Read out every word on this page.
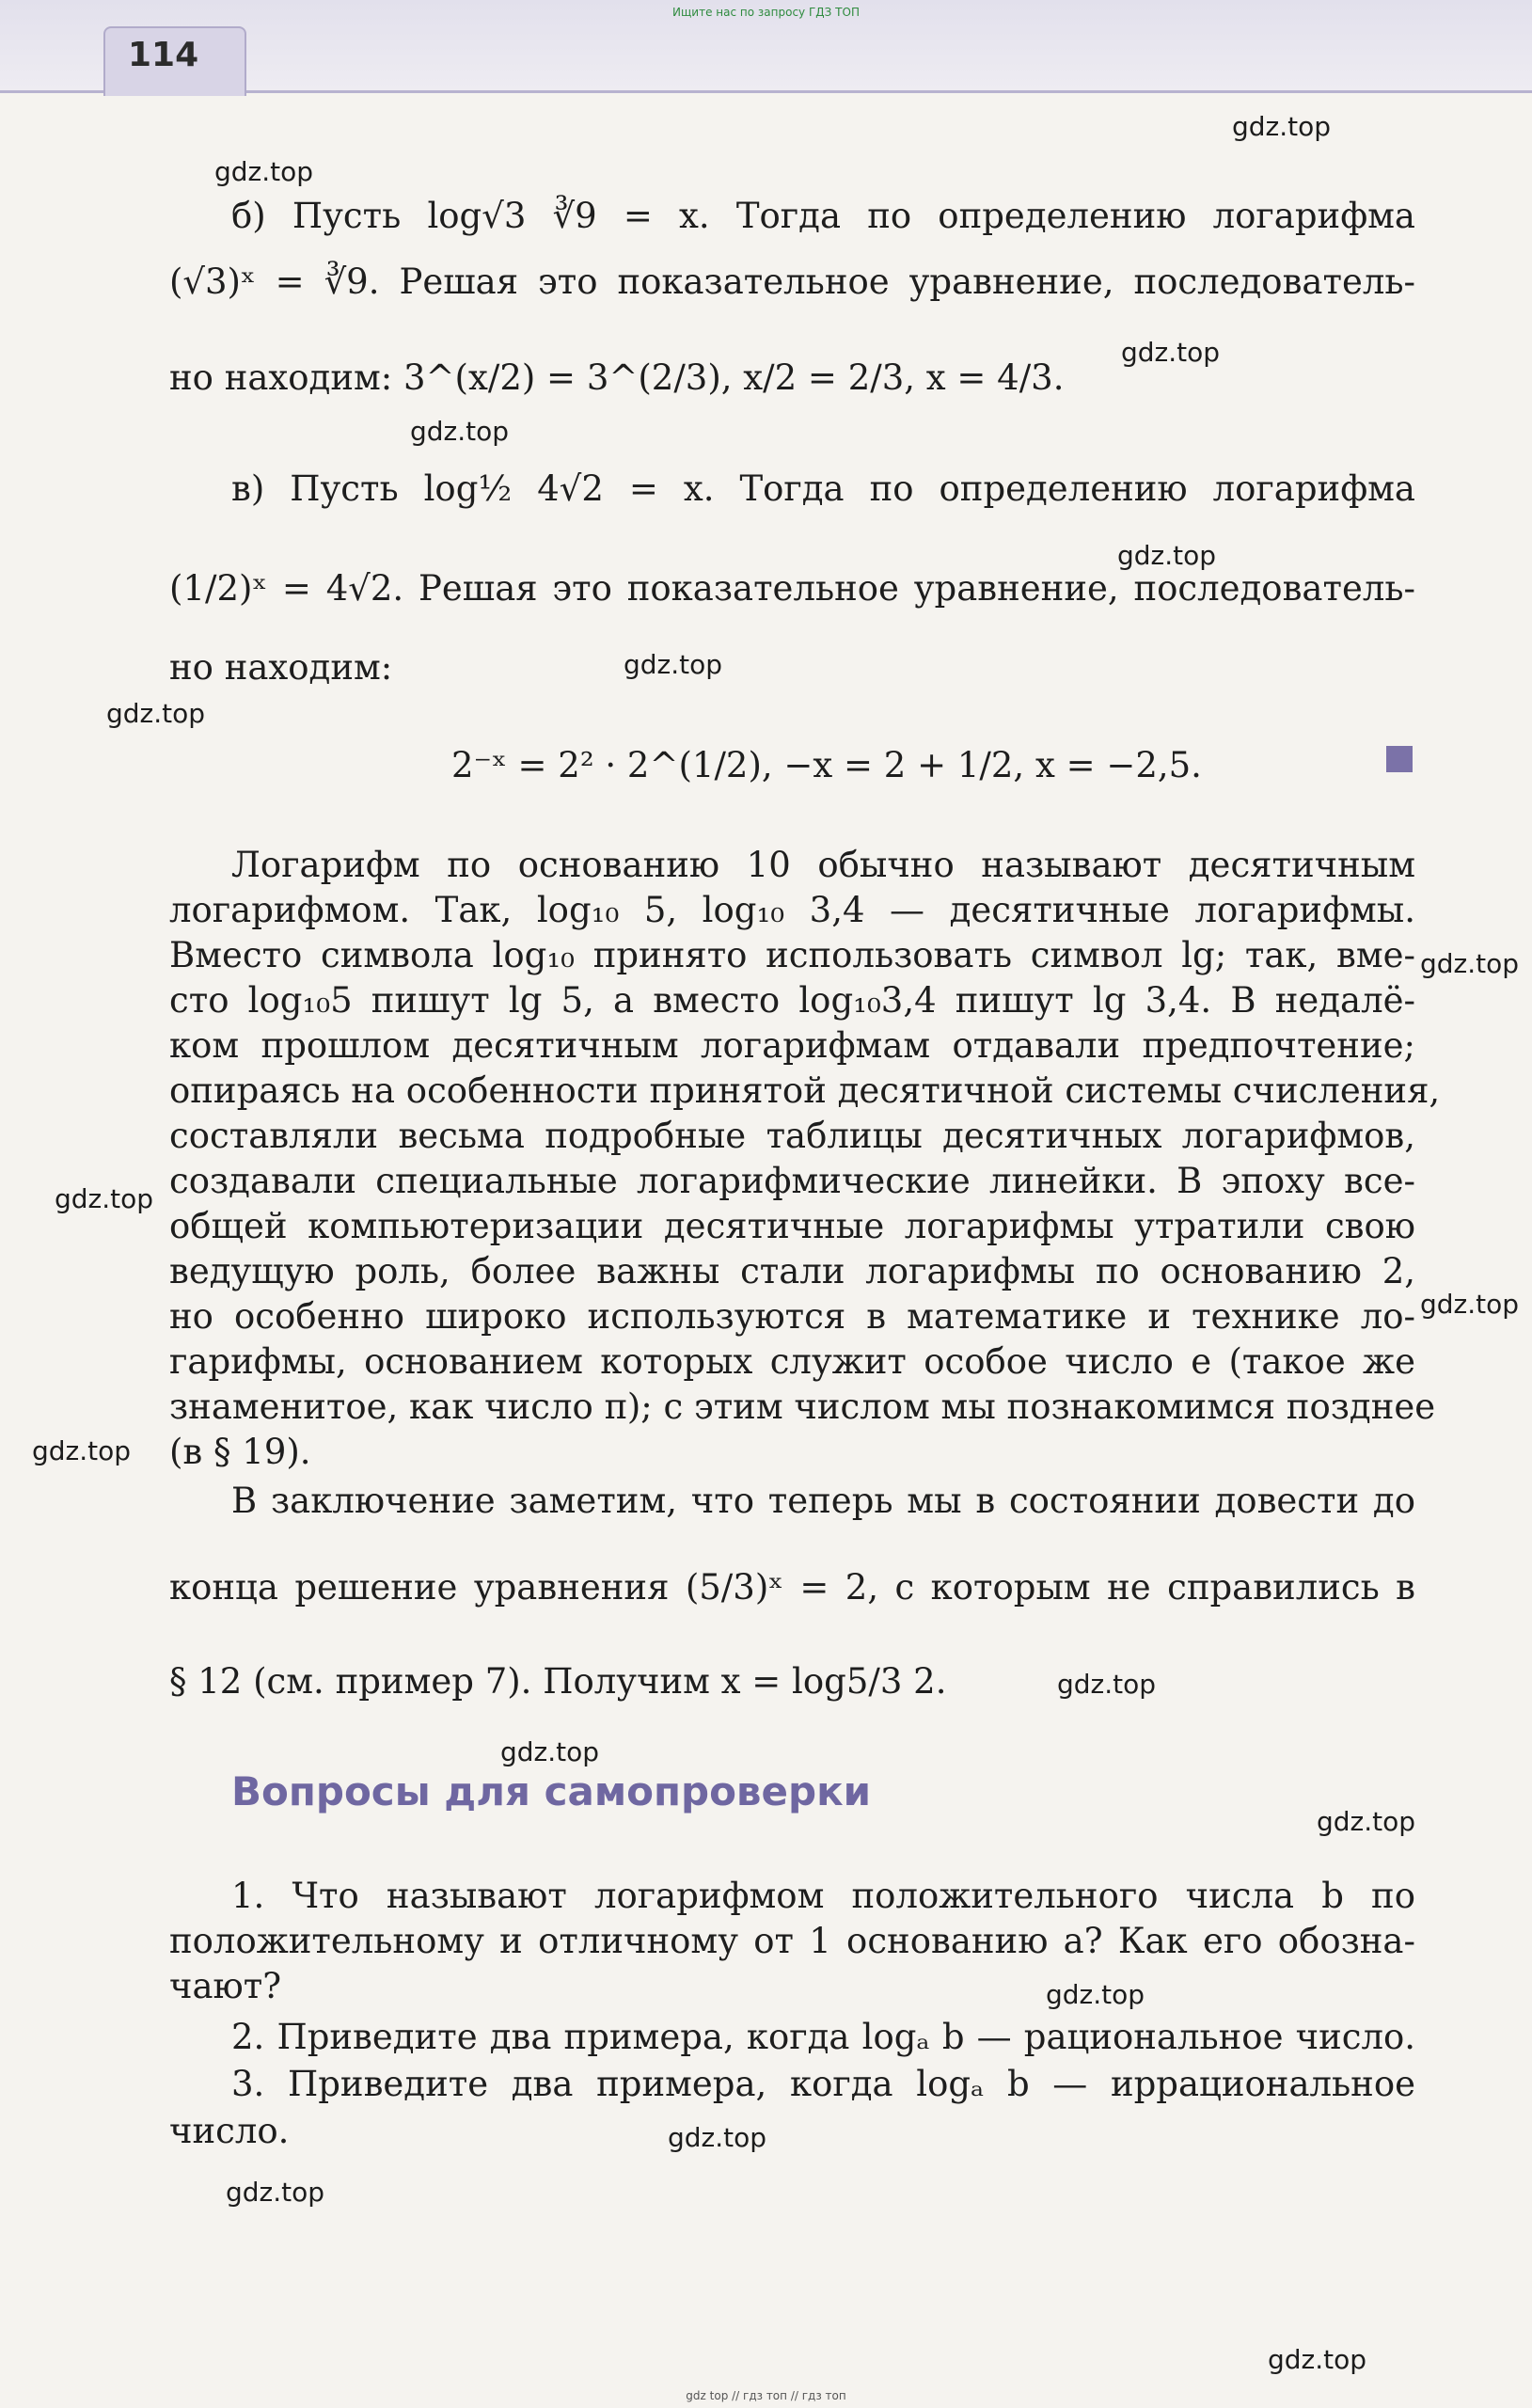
Ищите нас по запросу ГДЗ ТОП
114
gdz.top
gdz.top
gdz.top
gdz.top
gdz.top
gdz.top
gdz.top
gdz.top
gdz.top
gdz.top
gdz.top
gdz.top
gdz.top
gdz.top
gdz.top
gdz.top
gdz.top
gdz.top
б) Пусть log√3 ∛9 = x. Тогда по определению логарифма
(√3)ˣ = ∛9. Решая это показательное уравнение, последователь-
но находим: 3^(x/2) = 3^(2/3), x/2 = 2/3, x = 4/3.
в) Пусть log½ 4√2 = x. Тогда по определению логарифма
(1/2)ˣ = 4√2. Решая это показательное уравнение, последователь-
но находим:
2⁻ˣ = 2² · 2^(1/2), −x = 2 + 1/2, x = −2,5.
Логарифм по основанию 10 обычно называют десятичным
логарифмом. Так, log₁₀ 5, log₁₀ 3,4 — десятичные логарифмы.
Вместо символа log₁₀ принято использовать символ lg; так, вме-
сто log₁₀5 пишут lg 5, а вместо log₁₀3,4 пишут lg 3,4. В недалё-
ком прошлом десятичным логарифмам отдавали предпочтение;
опираясь на особенности принятой десятичной системы счисления,
составляли весьма подробные таблицы десятичных логарифмов,
создавали специальные логарифмические линейки. В эпоху все-
общей компьютеризации десятичные логарифмы утратили свою
ведущую роль, более важны стали логарифмы по основанию 2,
но особенно широко используются в математике и технике ло-
гарифмы, основанием которых служит особое число e (такое же
знаменитое, как число π); с этим числом мы познакомимся позднее
(в § 19).
В заключение заметим, что теперь мы в состоянии довести до
конца решение уравнения (5/3)ˣ = 2, с которым не справились в
§ 12 (см. пример 7). Получим x = log5/3 2.
Вопросы для самопроверки
1. Что называют логарифмом положительного числа b по
положительному и отличному от 1 основанию a? Как его обозна-
чают?
2. Приведите два примера, когда logₐ b — рациональное число.
3. Приведите два примера, когда logₐ b — иррациональное
число.
gdz top // гдз топ // гдз топ
